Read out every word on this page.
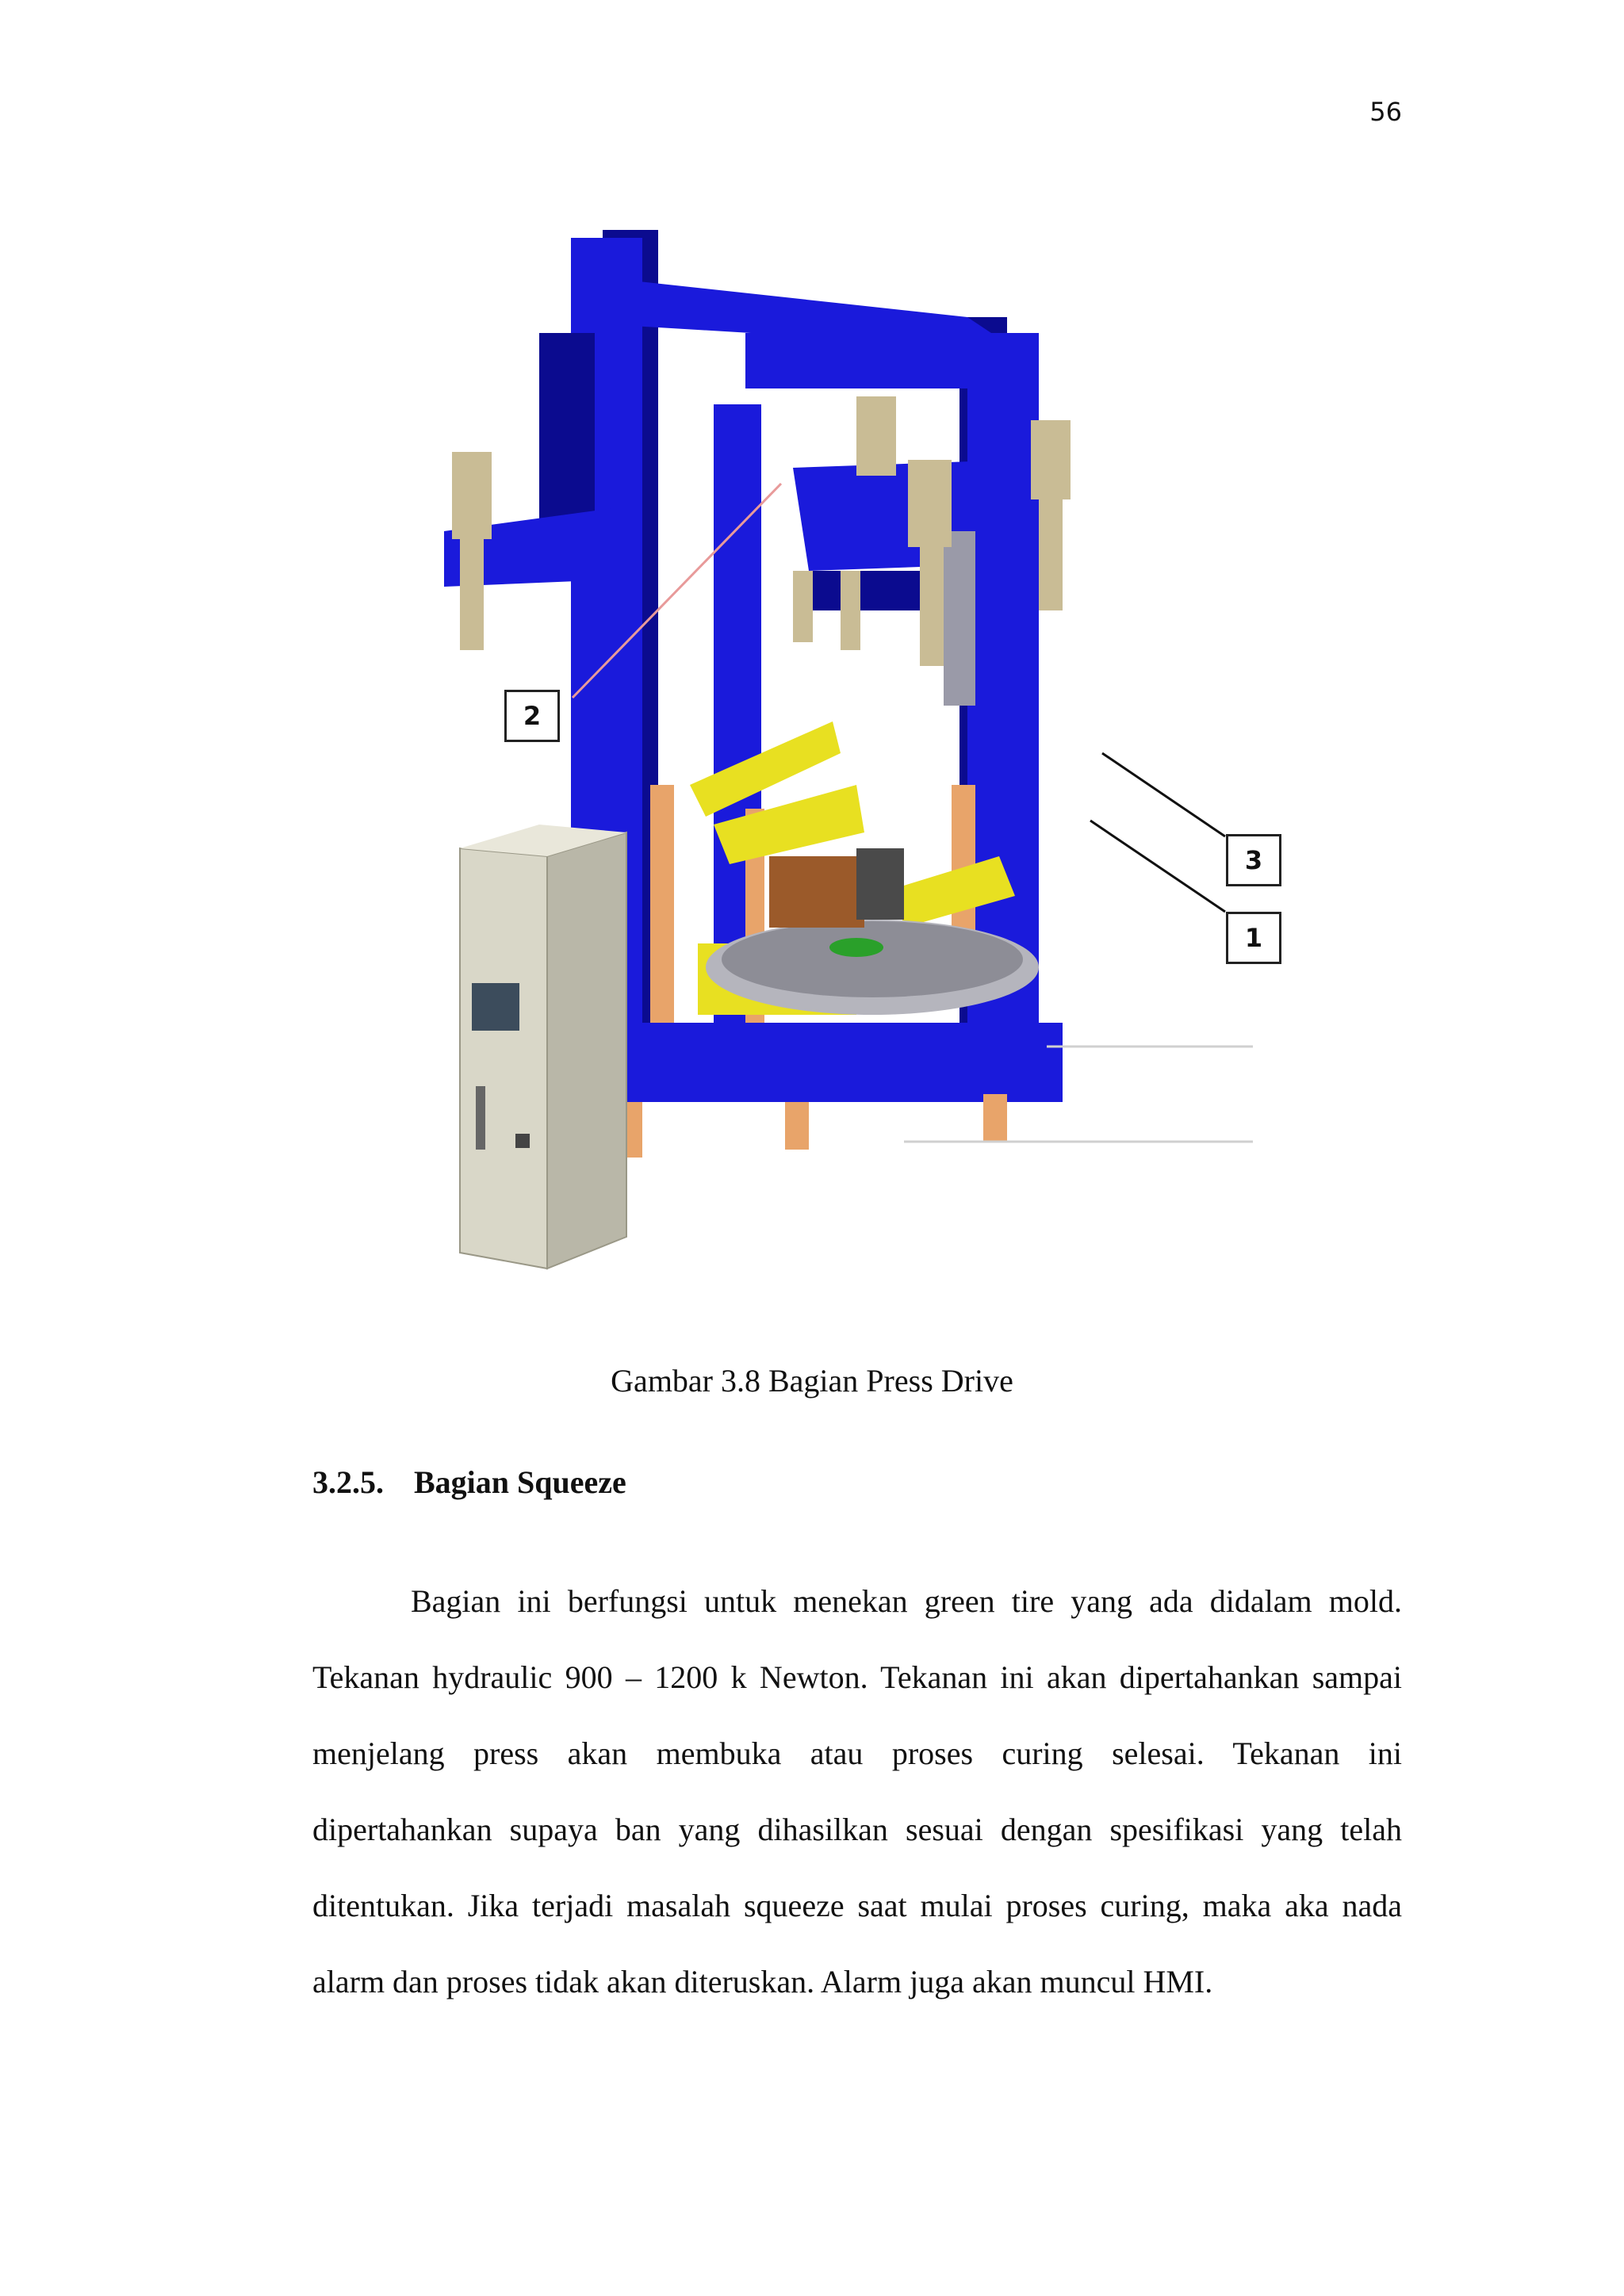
56
2
3
1
Gambar 3.8 Bagian Press Drive
3.2.5. Bagian Squeeze
Bagian ini berfungsi untuk menekan green tire yang ada didalam mold.
Tekanan hydraulic 900 – 1200 k Newton. Tekanan ini akan dipertahankan sampai
menjelang press akan membuka atau proses curing selesai. Tekanan ini
dipertahankan supaya ban yang dihasilkan sesuai dengan spesifikasi yang telah
ditentukan. Jika terjadi masalah squeeze saat mulai proses curing, maka aka nada
alarm dan proses tidak akan diteruskan. Alarm juga akan muncul HMI.
